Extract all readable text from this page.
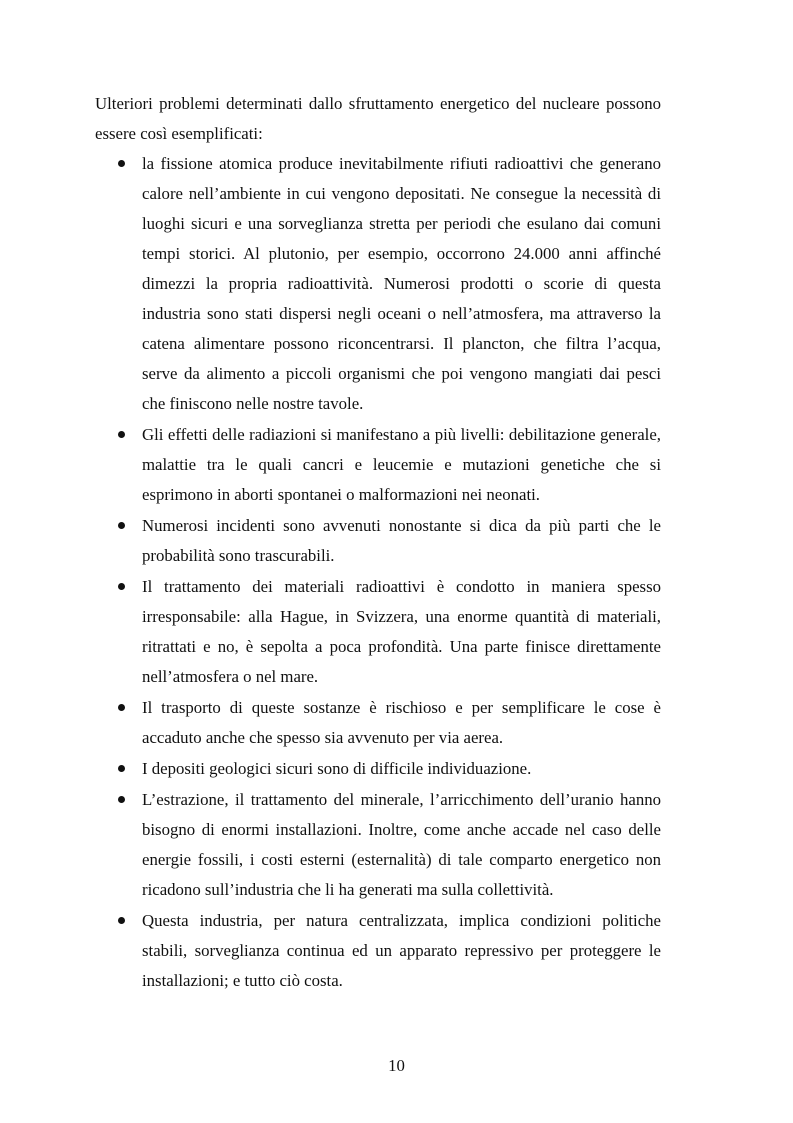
Ulteriori problemi determinati dallo sfruttamento energetico del nucleare possono essere così esemplificati:

la fissione atomica produce inevitabilmente rifiuti radioattivi che generano calore nell’ambiente in cui vengono depositati. Ne consegue la necessità di luoghi sicuri e una sorveglianza stretta per periodi che esulano dai comuni tempi storici. Al plutonio, per esempio, occorrono 24.000 anni affinché dimezzi la propria radioattività. Numerosi prodotti o scorie di questa industria sono stati dispersi negli oceani o nell’atmosfera, ma attraverso la catena alimentare possono riconcentrarsi. Il plancton, che filtra l’acqua, serve da alimento a piccoli organismi che poi vengono mangiati dai pesci che finiscono nelle nostre tavole.
Gli effetti delle radiazioni si manifestano a più livelli: debilitazione generale, malattie tra le quali cancri e leucemie e mutazioni genetiche che si esprimono in aborti spontanei o malformazioni nei neonati.
Numerosi incidenti sono avvenuti nonostante si dica da più parti che le probabilità sono trascurabili.
Il trattamento dei materiali radioattivi è condotto in maniera spesso irresponsabile: alla Hague, in Svizzera, una enorme quantità di materiali, ritrattati e no, è sepolta a poca profondità. Una parte finisce direttamente nell’atmosfera o nel mare.
Il trasporto di queste sostanze è rischioso e per semplificare le cose è accaduto anche che spesso sia avvenuto per via aerea.
I depositi geologici sicuri sono di difficile individuazione.
L’estrazione, il trattamento del minerale, l’arricchimento dell’uranio hanno bisogno di enormi installazioni. Inoltre, come anche accade nel caso delle energie fossili, i costi esterni (esternalità) di tale comparto energetico non ricadono sull’industria che li ha generati ma sulla collettività.
Questa industria, per natura centralizzata, implica condizioni politiche stabili, sorveglianza continua ed un apparato repressivo per proteggere le installazioni; e tutto ciò costa.
10
